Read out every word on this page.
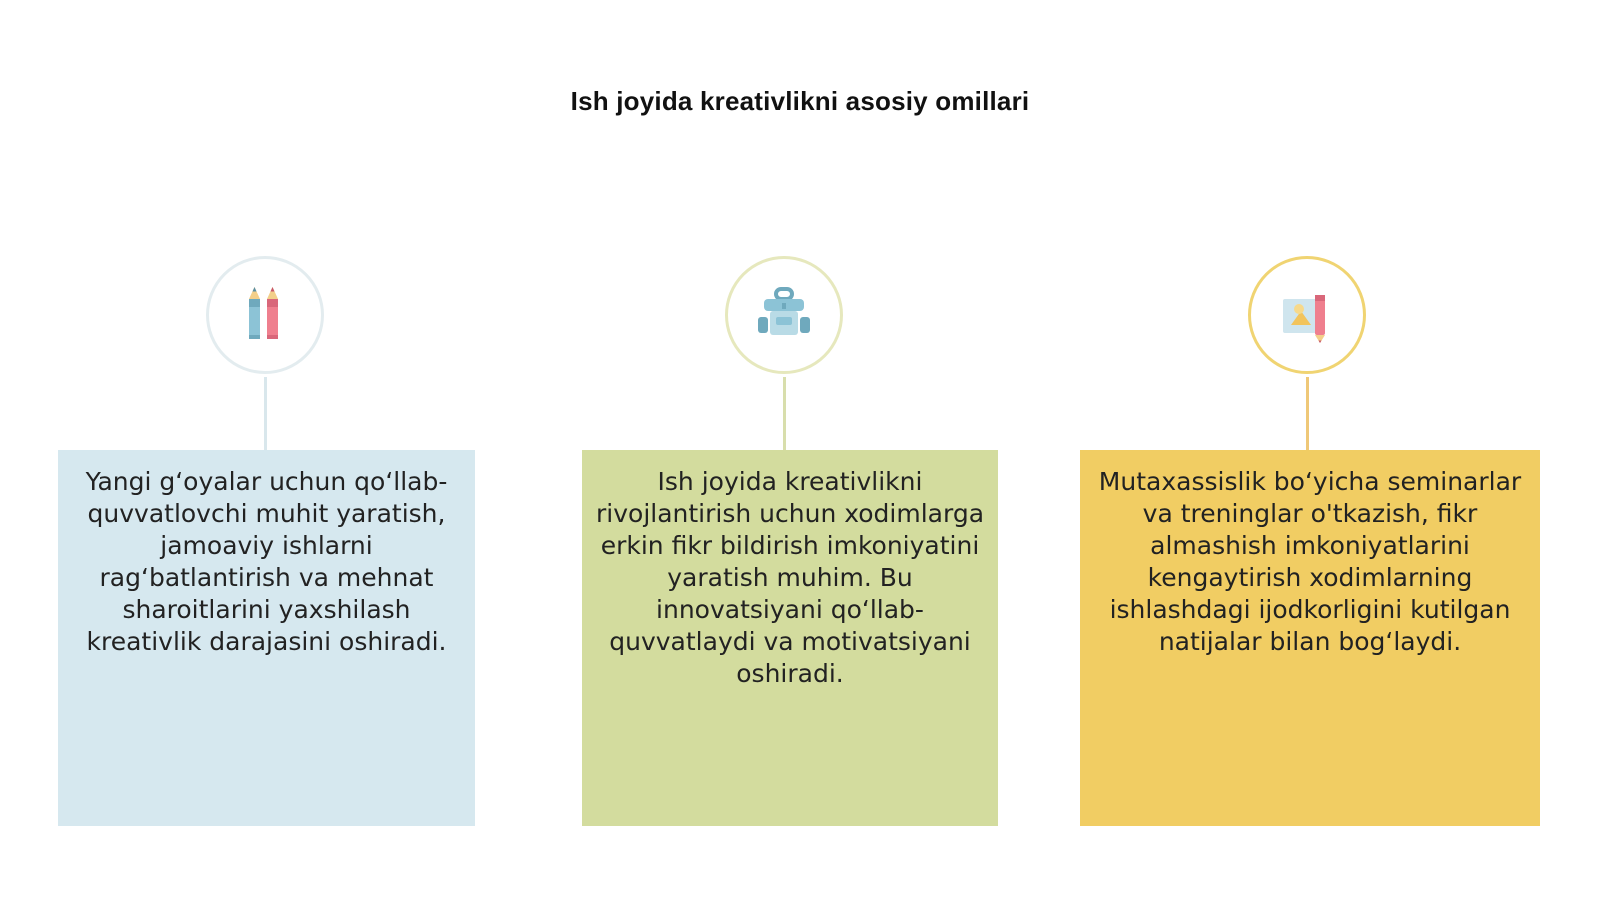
Ish joyida kreativlikni asosiy omillari
Yangi g‘oyalar uchun qo‘llab-quvvatlovchi muhit yaratish, jamoaviy ishlarni rag‘batlantirish va mehnat sharoitlarini yaxshilash kreativlik darajasini oshiradi.
Ish joyida kreativlikni rivojlantirish uchun xodimlarga erkin fikr bildirish imkoniyatini yaratish muhim. Bu innovatsiyani qo‘llab-quvvatlaydi va motivatsiyani oshiradi.
Mutaxassislik bo‘yicha seminarlar va treninglar o'tkazish, fikr almashish imkoniyatlarini kengaytirish xodimlarning ishlashdagi ijodkorligini kutilgan natijalar bilan bog‘laydi.
